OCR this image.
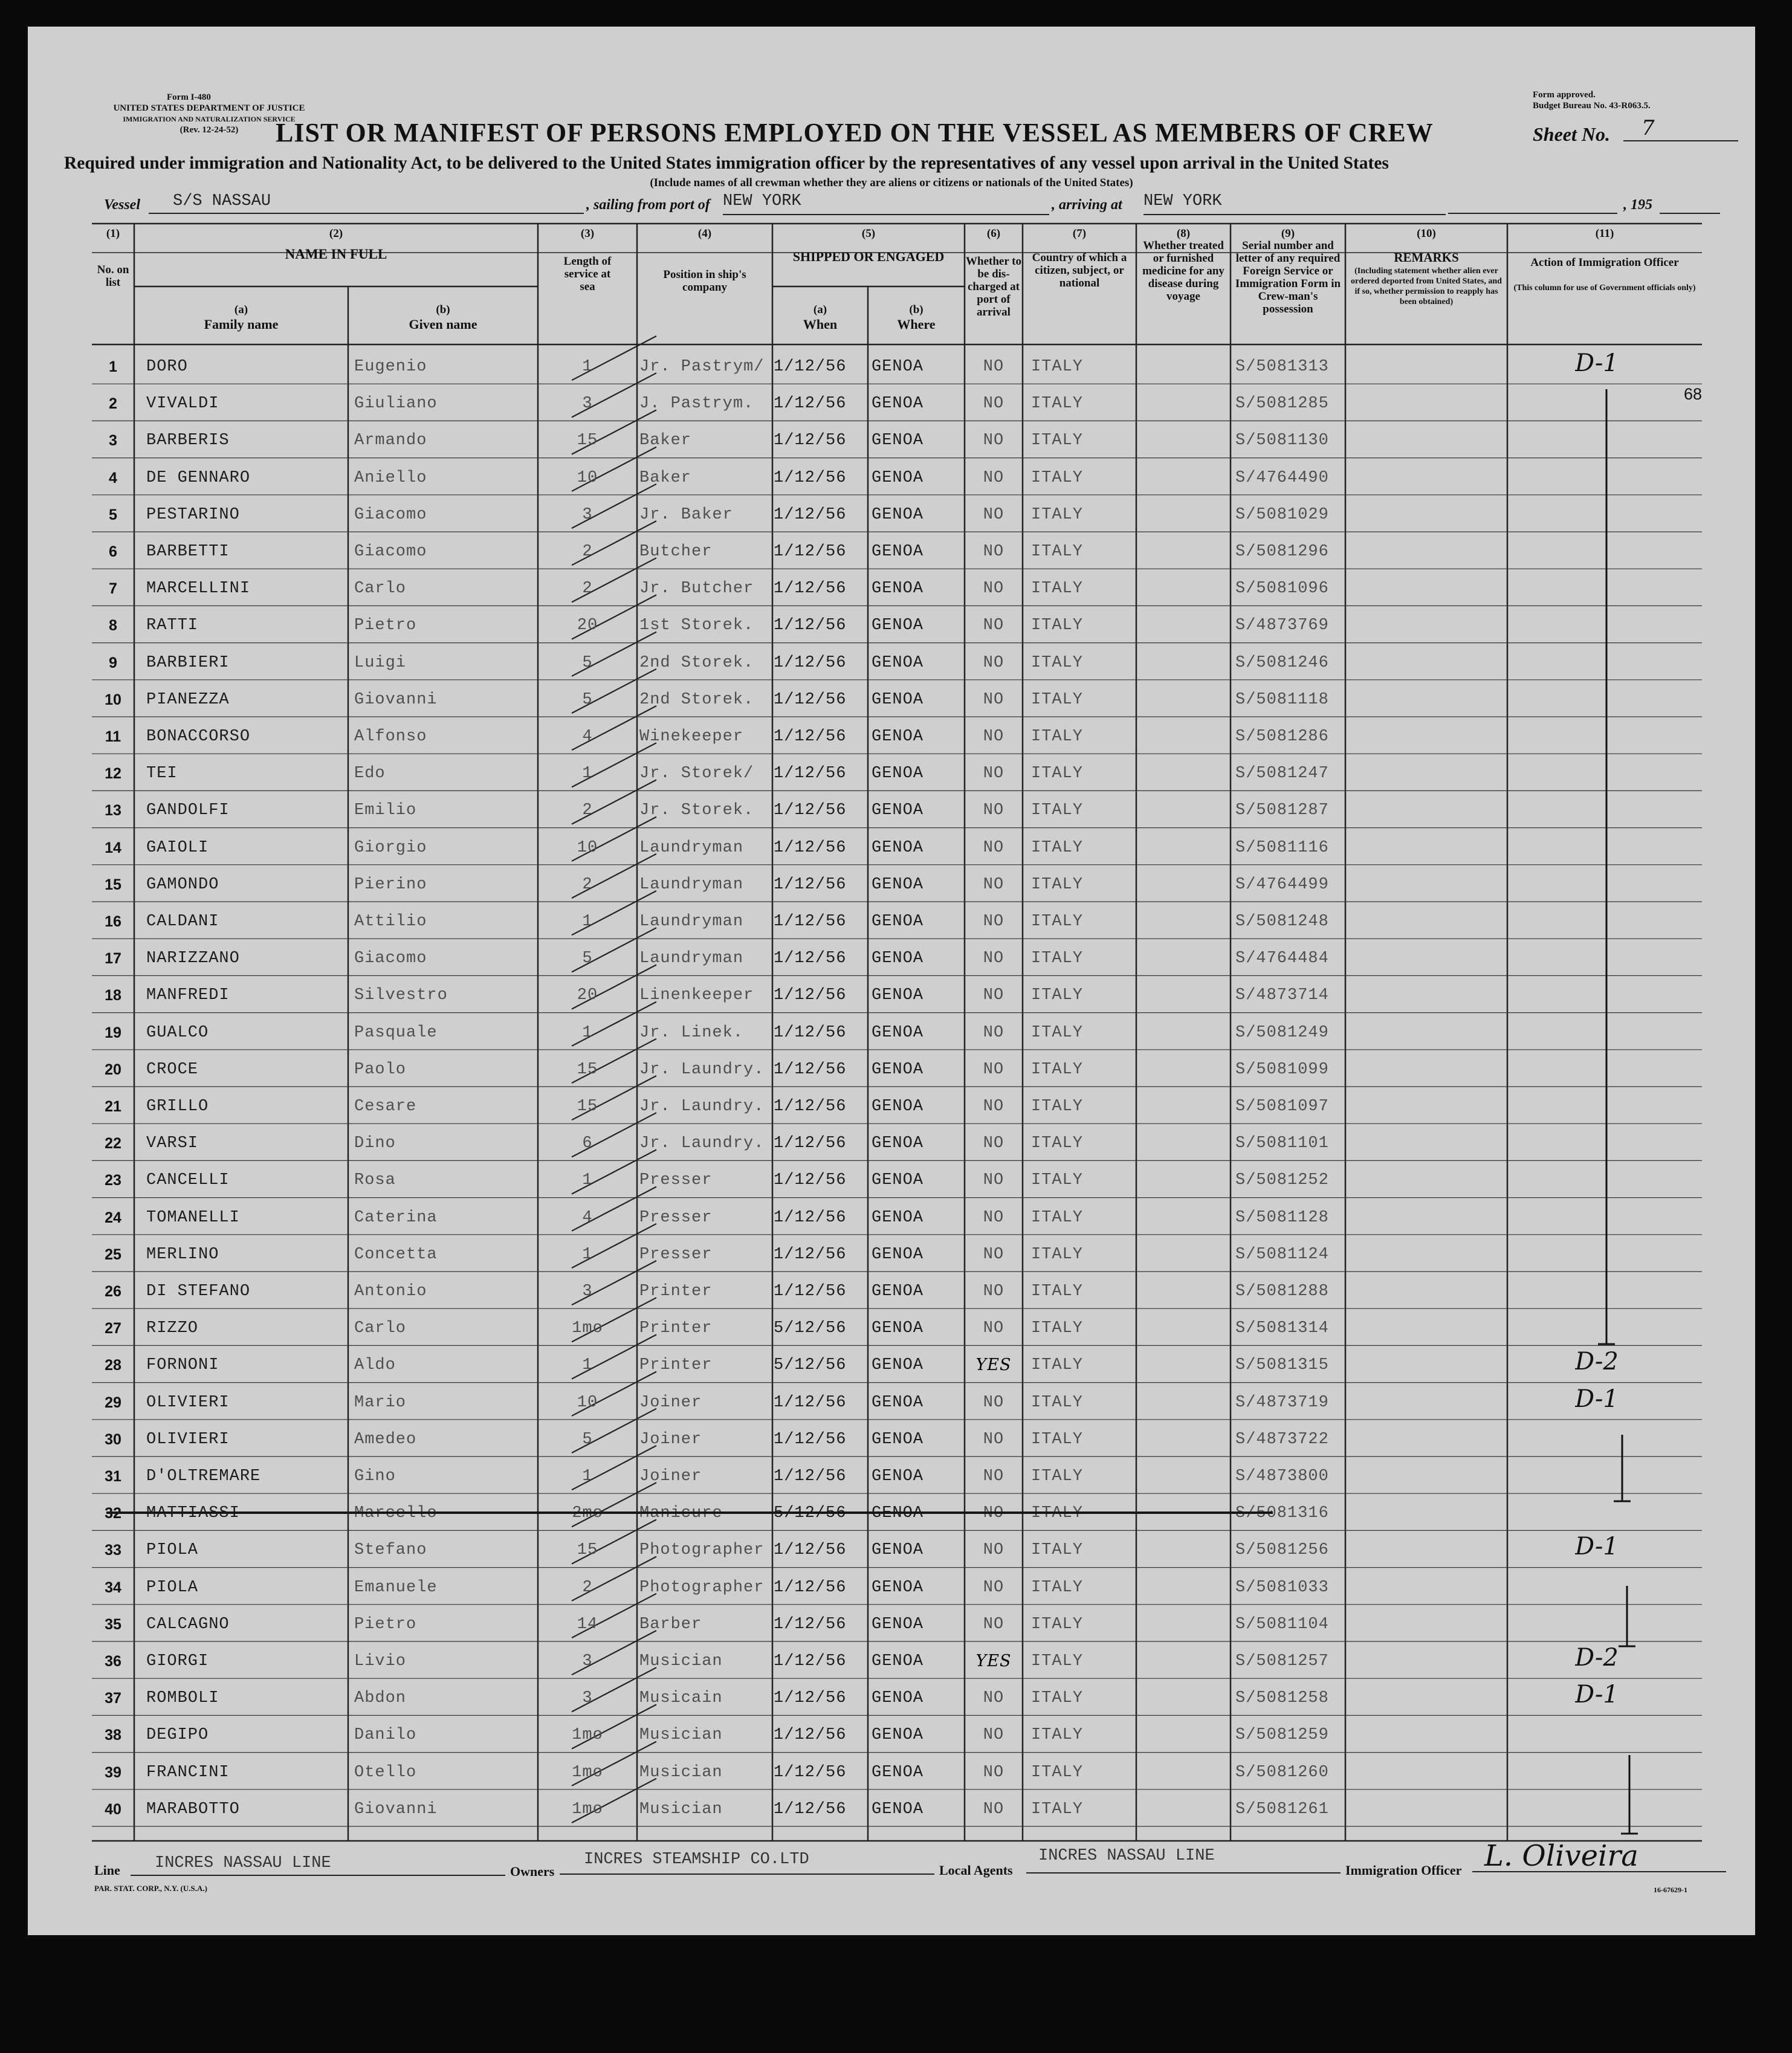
Form I-480
UNITED STATES DEPARTMENT OF JUSTICE
IMMIGRATION AND NATURALIZATION SERVICE
(Rev. 12-24-52)
Form approved.
Budget Bureau No. 43-R063.5.
LIST OR MANIFEST OF PERSONS EMPLOYED ON THE VESSEL AS MEMBERS OF CREW	Sheet No.	7
Required under immigration and Nationality Act, to be delivered to the United States immigration officer by the representatives of any vessel upon arrival in the United States
(Include names of all crewman whether they are aliens or citizens or nationals of the United States)
Vessel	S/S NASSAU	, sailing from port of NEW YORK	, arriving at NEW YORK	, 195
(1)
No. on list
(2)
NAME IN FULL
(a)
Family name
(b)
Given name
(3)
Length of service at sea
(4)
Position in ship's company
(5)
SHIPPED OR ENGAGED
(a)
When
(b)
Where
(6)
Whether to be dis-charged at port of arrival
(7)
Country of which a citizen, subject, or national
(8)
Whether treated or furnished medicine for any disease during voyage
(9)
Serial number and letter of any required Foreign Service or Immigration Form in Crew-man's possession
(10)
REMARKS
(Including statement whether alien ever ordered deported from United States, and if so, whether permission to reapply has been obtained)
(11)
Action of Immigration Officer
(This column for use of Government officials only)
1	DORO	Eugenio	1	Jr. Pastrym/ 1/12/56	GENOA	NO	ITALY	S/5081313	D-1
2	VIVALDI	Giuliano	3	J. Pastrym.	1/12/56	GENOA	NO	ITALY	S/5081285
68
3	BARBERIS	Armando	15	Baker	1/12/56	GENOA	NO	ITALY	S/5081130
4	DE GENNARO	Aniello	10	Baker	1/12/56	GENOA	NO	ITALY	S/4764490
5	PESTARINO	Giacomo	3	Jr. Baker	1/12/56	GENOA	NO	ITALY	S/5081029
6	BARBETTI	Giacomo	2	Butcher	1/12/56	GENOA	NO	ITALY	S/5081296
7	MARCELLINI	Carlo	2	Jr. Butcher	1/12/56	GENOA	NO	ITALY	S/5081096
8	RATTI	Pietro	20	1st Storek.	1/12/56	GENOA	NO	ITALY	S/4873769
9	BARBIERI	Luigi	5	2nd Storek.	1/12/56	GENOA	NO	ITALY	S/5081246
10	PIANEZZA	Giovanni	5	2nd Storek.	1/12/56	GENOA	NO	ITALY	S/5081118
11	BONACCORSO	Alfonso	4	Winekeeper	1/12/56	GENOA	NO	ITALY	S/5081286
12	TEI	Edo	1	Jr. Storek/	1/12/56	GENOA	NO	ITALY	S/5081247
13	GANDOLFI	Emilio	2	Jr. Storek.	1/12/56	GENOA	NO	ITALY	S/5081287
14	GAIOLI	Giorgio	10	Laundryman	1/12/56	GENOA	NO	ITALY	S/5081116
15	GAMONDO	Pierino	2	Laundryman	1/12/56	GENOA	NO	ITALY	S/4764499
16	CALDANI	Attilio	1	Laundryman	1/12/56	GENOA	NO	ITALY	S/5081248
17	NARIZZANO	Giacomo	5	Laundryman	1/12/56	GENOA	NO	ITALY	S/4764484
18	MANFREDI	Silvestro	20	Linenkeeper	1/12/56	GENOA	NO	ITALY	S/4873714
19	GUALCO	Pasquale	1	Jr. Linek.	1/12/56	GENOA	NO	ITALY	S/5081249
20	CROCE	Paolo	15	Jr. Laundry. 1/12/56	GENOA	NO	ITALY	S/5081099
21	GRILLO	Cesare	15	Jr. Laundry. 1/12/56	GENOA	NO	ITALY	S/5081097
22	VARSI	Dino	6	Jr. Laundry. 1/12/56	GENOA	NO	ITALY	S/5081101
23	CANCELLI	Rosa	1	Presser	1/12/56	GENOA	NO	ITALY	S/5081252
24	TOMANELLI	Caterina	4	Presser	1/12/56	GENOA	NO	ITALY	S/5081128
25	MERLINO	Concetta	1	Presser	1/12/56	GENOA	NO	ITALY	S/5081124
26	DI STEFANO	Antonio	3	Printer	1/12/56	GENOA	NO	ITALY	S/5081288
27	RIZZO	Carlo	1mo	Printer	5/12/56	GENOA	NO	ITALY	S/5081314
28	FORNONI	Aldo	1	Printer	5/12/56	GENOA	YES	ITALY	S/5081315	D-2
29	OLIVIERI	Mario	10	Joiner	1/12/56	GENOA	NO	ITALY	S/4873719	D-1
30	OLIVIERI	Amedeo	5	Joiner	1/12/56	GENOA	NO	ITALY	S/4873722
31	D'OLTREMARE	Gino	1	Joiner	1/12/56	GENOA	NO	ITALY	S/4873800
32	MATTIASSI	Marcello	2mo	Manicure	5/12/56	GENOA	NO	ITALY	S/5081316
33	PIOLA	Stefano	15	Photographer 1/12/56	GENOA	NO	ITALY	S/5081256	D-1
34	PIOLA	Emanuele	2	Photographer 1/12/56	GENOA	NO	ITALY	S/5081033
35	CALCAGNO	Pietro	14	Barber	1/12/56	GENOA	NO	ITALY	S/5081104
36	GIORGI	Livio	3	Musician	1/12/56	GENOA	YES	ITALY	S/5081257	D-2
37	ROMBOLI	Abdon	3	Musicain	1/12/56	GENOA	NO	ITALY	S/5081258	D-1
38	DEGIPO	Danilo	1mo	Musician	1/12/56	GENOA	NO	ITALY	S/5081259
39	FRANCINI	Otello	1mo	Musician	1/12/56	GENOA	NO	ITALY	S/5081260
40	MARABOTTO	Giovanni	1mo	Musician	1/12/56	GENOA	NO	ITALY	S/5081261
Line	INCRES NASSAU LINE	Owners
INCRES STEAMSHIP CO.LTD
Local Agents
INCRES NASSAU LINE
Immigration Officer L. Oliveira
PAR. STAT. CORP., N.Y. (U.S.A.)	16-67629-1
